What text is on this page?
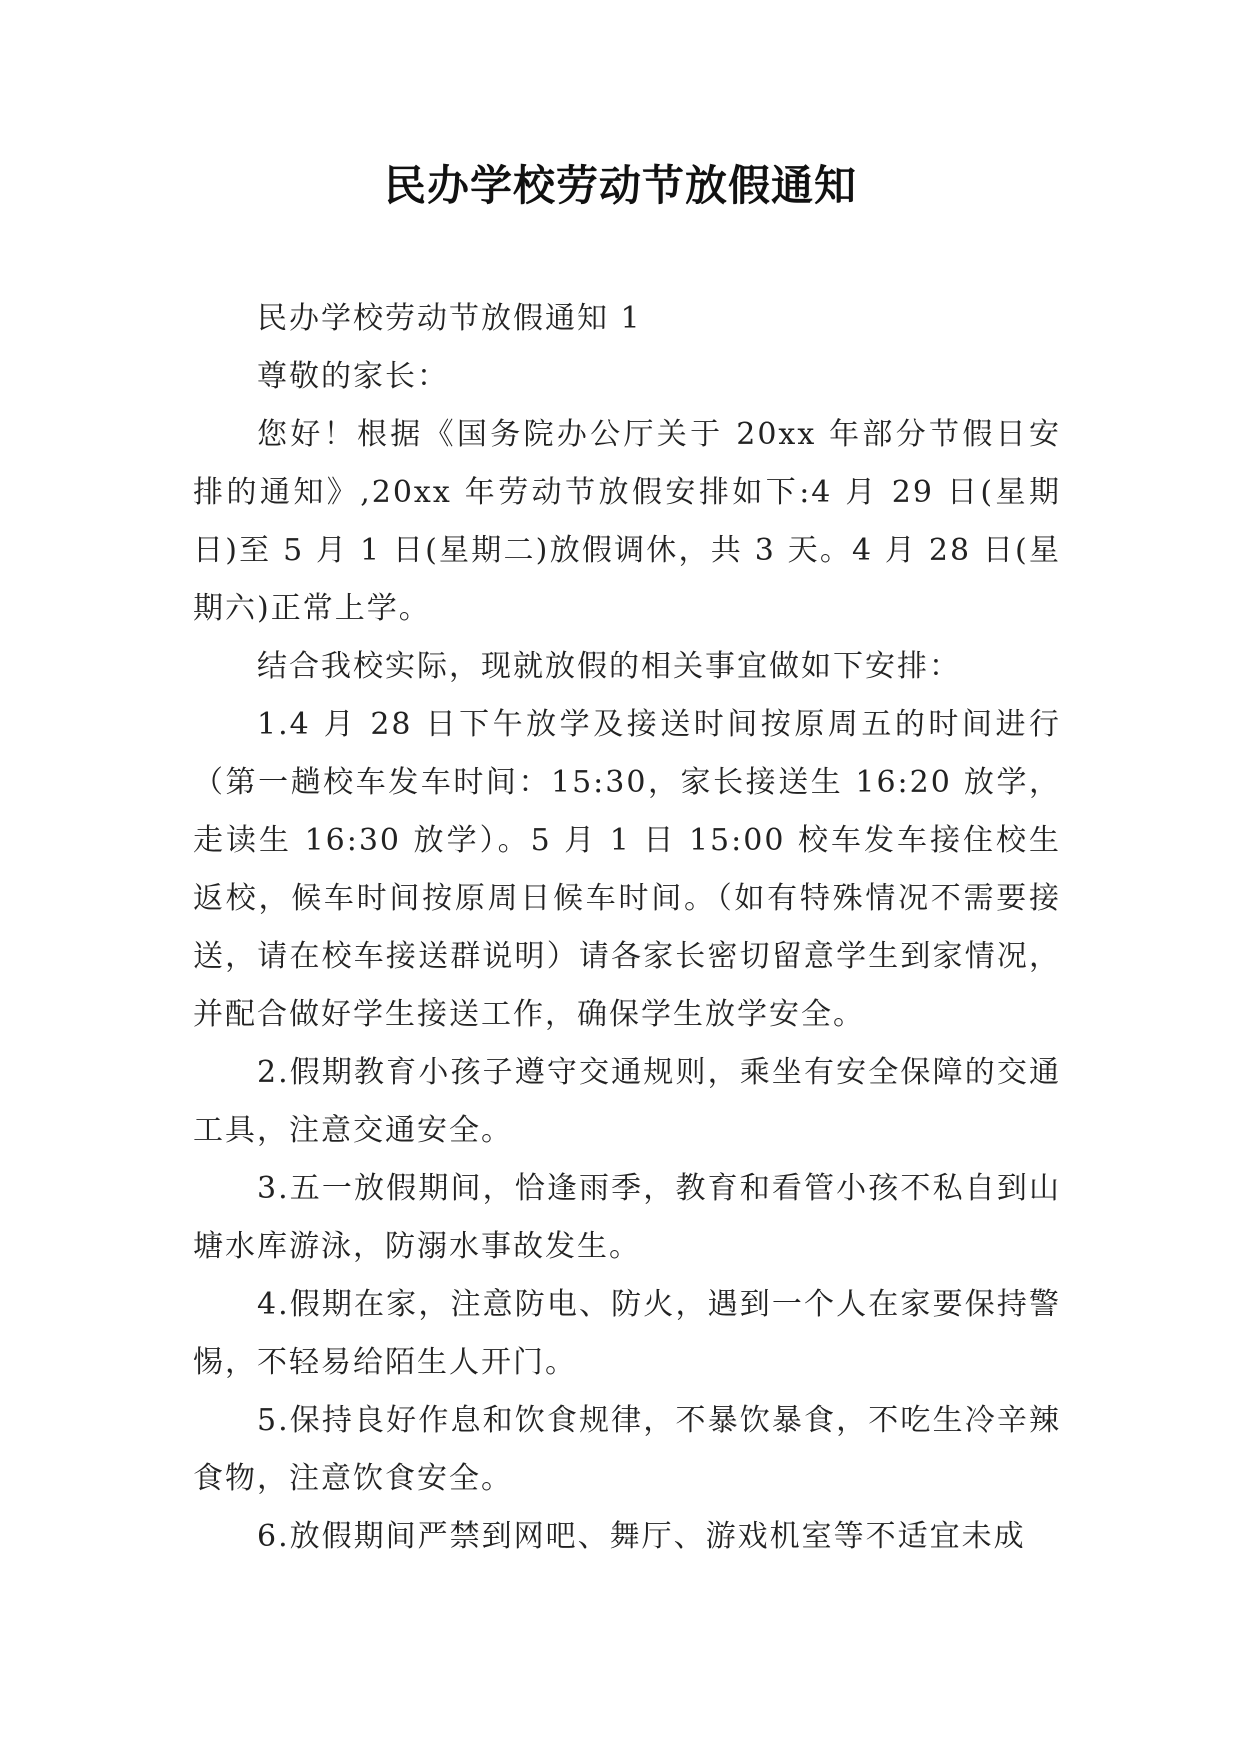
民办学校劳动节放假通知

民办学校劳动节放假通知 1

尊敬的家长：

您好！根据《国务院办公厅关于 20xx 年部分节假日安排的通知》,20xx 年劳动节放假安排如下:4 月 29 日(星期日)至 5 月 1 日(星期二)放假调休，共 3 天。4 月 28 日(星期六)正常上学。

结合我校实际，现就放假的相关事宜做如下安排：

1.4 月 28 日下午放学及接送时间按原周五的时间进行（第一趟校车发车时间：15:30，家长接送生 16:20 放学，走读生 16:30 放学）。5 月 1 日 15:00 校车发车接住校生返校，候车时间按原周日候车时间。（如有特殊情况不需要接送，请在校车接送群说明）请各家长密切留意学生到家情况，并配合做好学生接送工作，确保学生放学安全。

2.假期教育小孩子遵守交通规则，乘坐有安全保障的交通工具，注意交通安全。

3.五一放假期间，恰逢雨季，教育和看管小孩不私自到山塘水库游泳，防溺水事故发生。

4.假期在家，注意防电、防火，遇到一个人在家要保持警惕，不轻易给陌生人开门。

5.保持良好作息和饮食规律，不暴饮暴食，不吃生冷辛辣食物，注意饮食安全。

6.放假期间严禁到网吧、舞厅、游戏机室等不适宜未成
